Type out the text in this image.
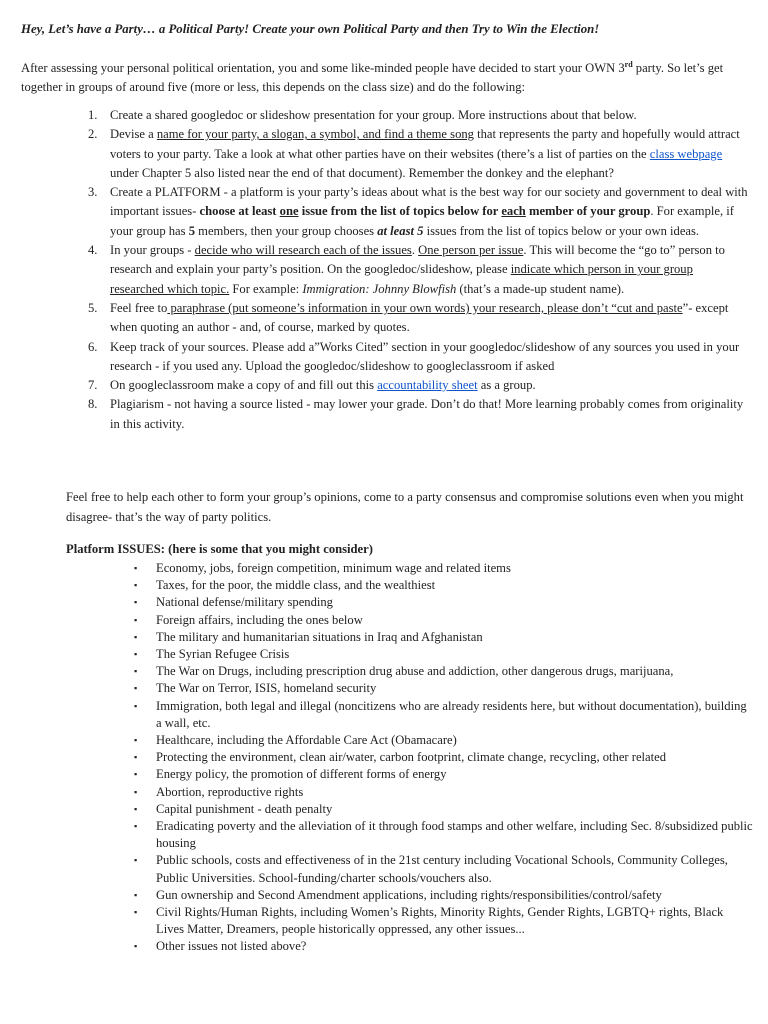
Hey, Let’s have a Party… a Political Party! Create your own Political Party and then Try to Win the Election!

After assessing your personal political orientation, you and some like-minded people have decided to start your OWN 3rd party. So let’s get together in groups of around five (more or less, this depends on the class size) and do the following:

1. Create a shared googledoc or slideshow presentation for your group. More instructions about that below.
2. Devise a name for your party, a slogan, a symbol, and find a theme song that represents the party and hopefully would attract voters to your party. Take a look at what other parties have on their websites (there’s a list of parties on the class webpage under Chapter 5 also listed near the end of that document). Remember the donkey and the elephant?
3. Create a PLATFORM - a platform is your party’s ideas about what is the best way for our society and government to deal with important issues- choose at least one issue from the list of topics below for each member of your group. For example, if your group has 5 members, then your group chooses at least 5 issues from the list of topics below or your own ideas.
4. In your groups - decide who will research each of the issues. One person per issue. This will become the “go to” person to research and explain your party’s position. On the googledoc/slideshow, please indicate which person in your group researched which topic. For example: Immigration: Johnny Blowfish (that’s a made-up student name).
5. Feel free to paraphrase (put someone’s information in your own words) your research, please don’t “cut and paste”- except when quoting an author - and, of course, marked by quotes.
6. Keep track of your sources. Please add a”Works Cited” section in your googledoc/slideshow of any sources you used in your research - if you used any. Upload the googledoc/slideshow to googleclassroom if asked
7. On googleclassroom make a copy of and fill out this accountability sheet as a group.
8. Plagiarism - not having a source listed - may lower your grade. Don’t do that! More learning probably comes from originality in this activity.

Feel free to help each other to form your group’s opinions, come to a party consensus and compromise solutions even when you might disagree- that’s the way of party politics.

Platform ISSUES: (here is some that you might consider)
▪ Economy, jobs, foreign competition, minimum wage and related items
▪ Taxes, for the poor, the middle class, and the wealthiest
▪ National defense/military spending
▪ Foreign affairs, including the ones below
▪ The military and humanitarian situations in Iraq and Afghanistan
▪ The Syrian Refugee Crisis
▪ The War on Drugs, including prescription drug abuse and addiction, other dangerous drugs, marijuana,
▪ The War on Terror, ISIS, homeland security
▪ Immigration, both legal and illegal (noncitizens who are already residents here, but without documentation), building a wall, etc.
▪ Healthcare, including the Affordable Care Act (Obamacare)
▪ Protecting the environment, clean air/water, carbon footprint, climate change, recycling, other related
▪ Energy policy, the promotion of different forms of energy
▪ Abortion, reproductive rights
▪ Capital punishment - death penalty
▪ Eradicating poverty and the alleviation of it through food stamps and other welfare, including Sec. 8/subsidized public housing
▪ Public schools, costs and effectiveness of in the 21st century including Vocational Schools, Community Colleges, Public Universities. School-funding/charter schools/vouchers also.
▪ Gun ownership and Second Amendment applications, including rights/responsibilities/control/safety
▪ Civil Rights/Human Rights, including Women’s Rights, Minority Rights, Gender Rights, LGBTQ+ rights, Black Lives Matter, Dreamers, people historically oppressed, any other issues...
▪ Other issues not listed above?
